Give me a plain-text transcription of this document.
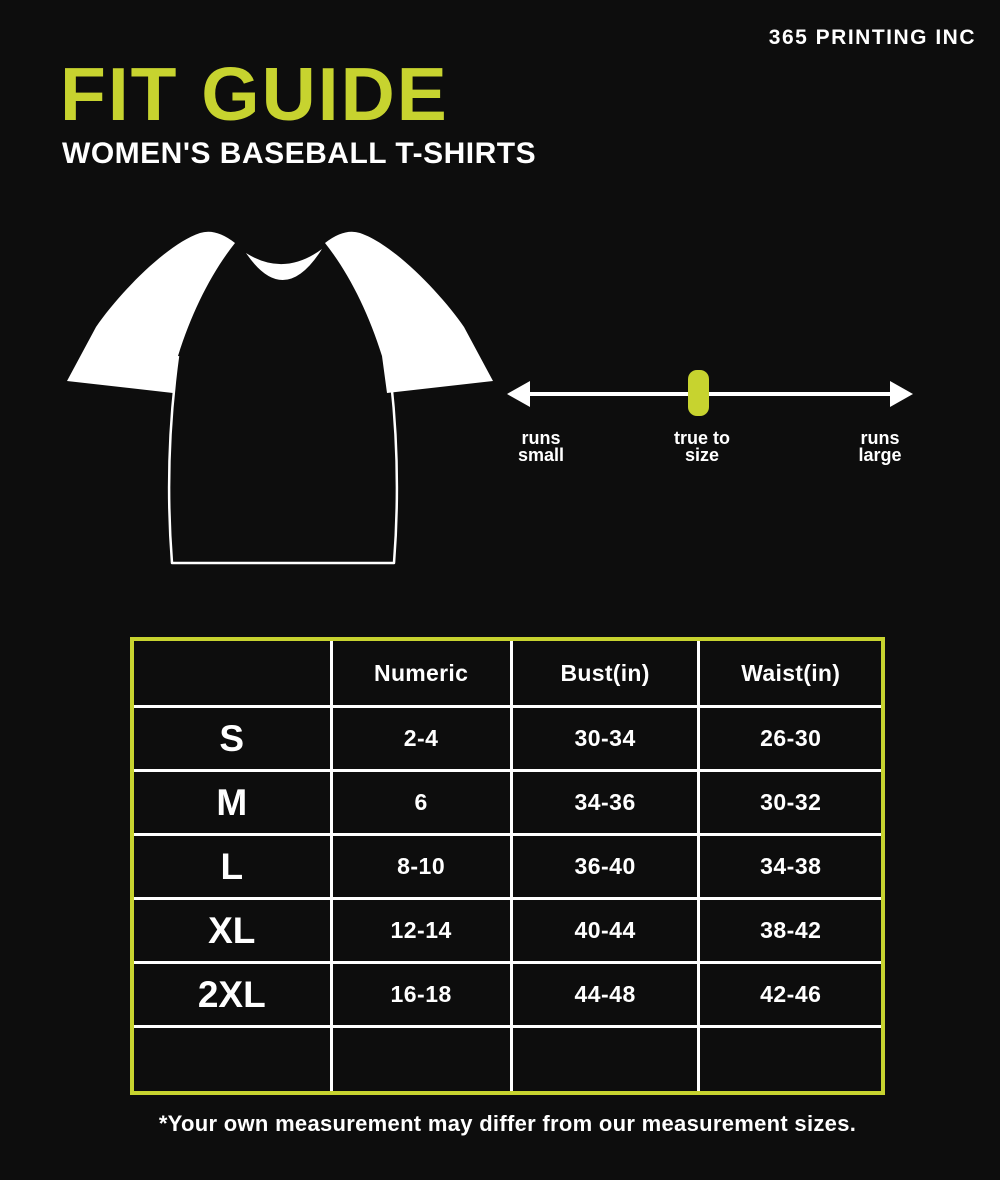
365 PRINTING INC
FIT GUIDE
WOMEN'S BASEBALL T-SHIRTS
runs
small
true to
size
runs
large
	Numeric	Bust(in)	Waist(in)
S	2-4	30-34	26-30
M	6	34-36	30-32
L	8-10	36-40	34-38
XL	12-14	40-44	38-42
2XL	16-18	44-48	42-46

*Your own measurement may differ from our measurement sizes.
